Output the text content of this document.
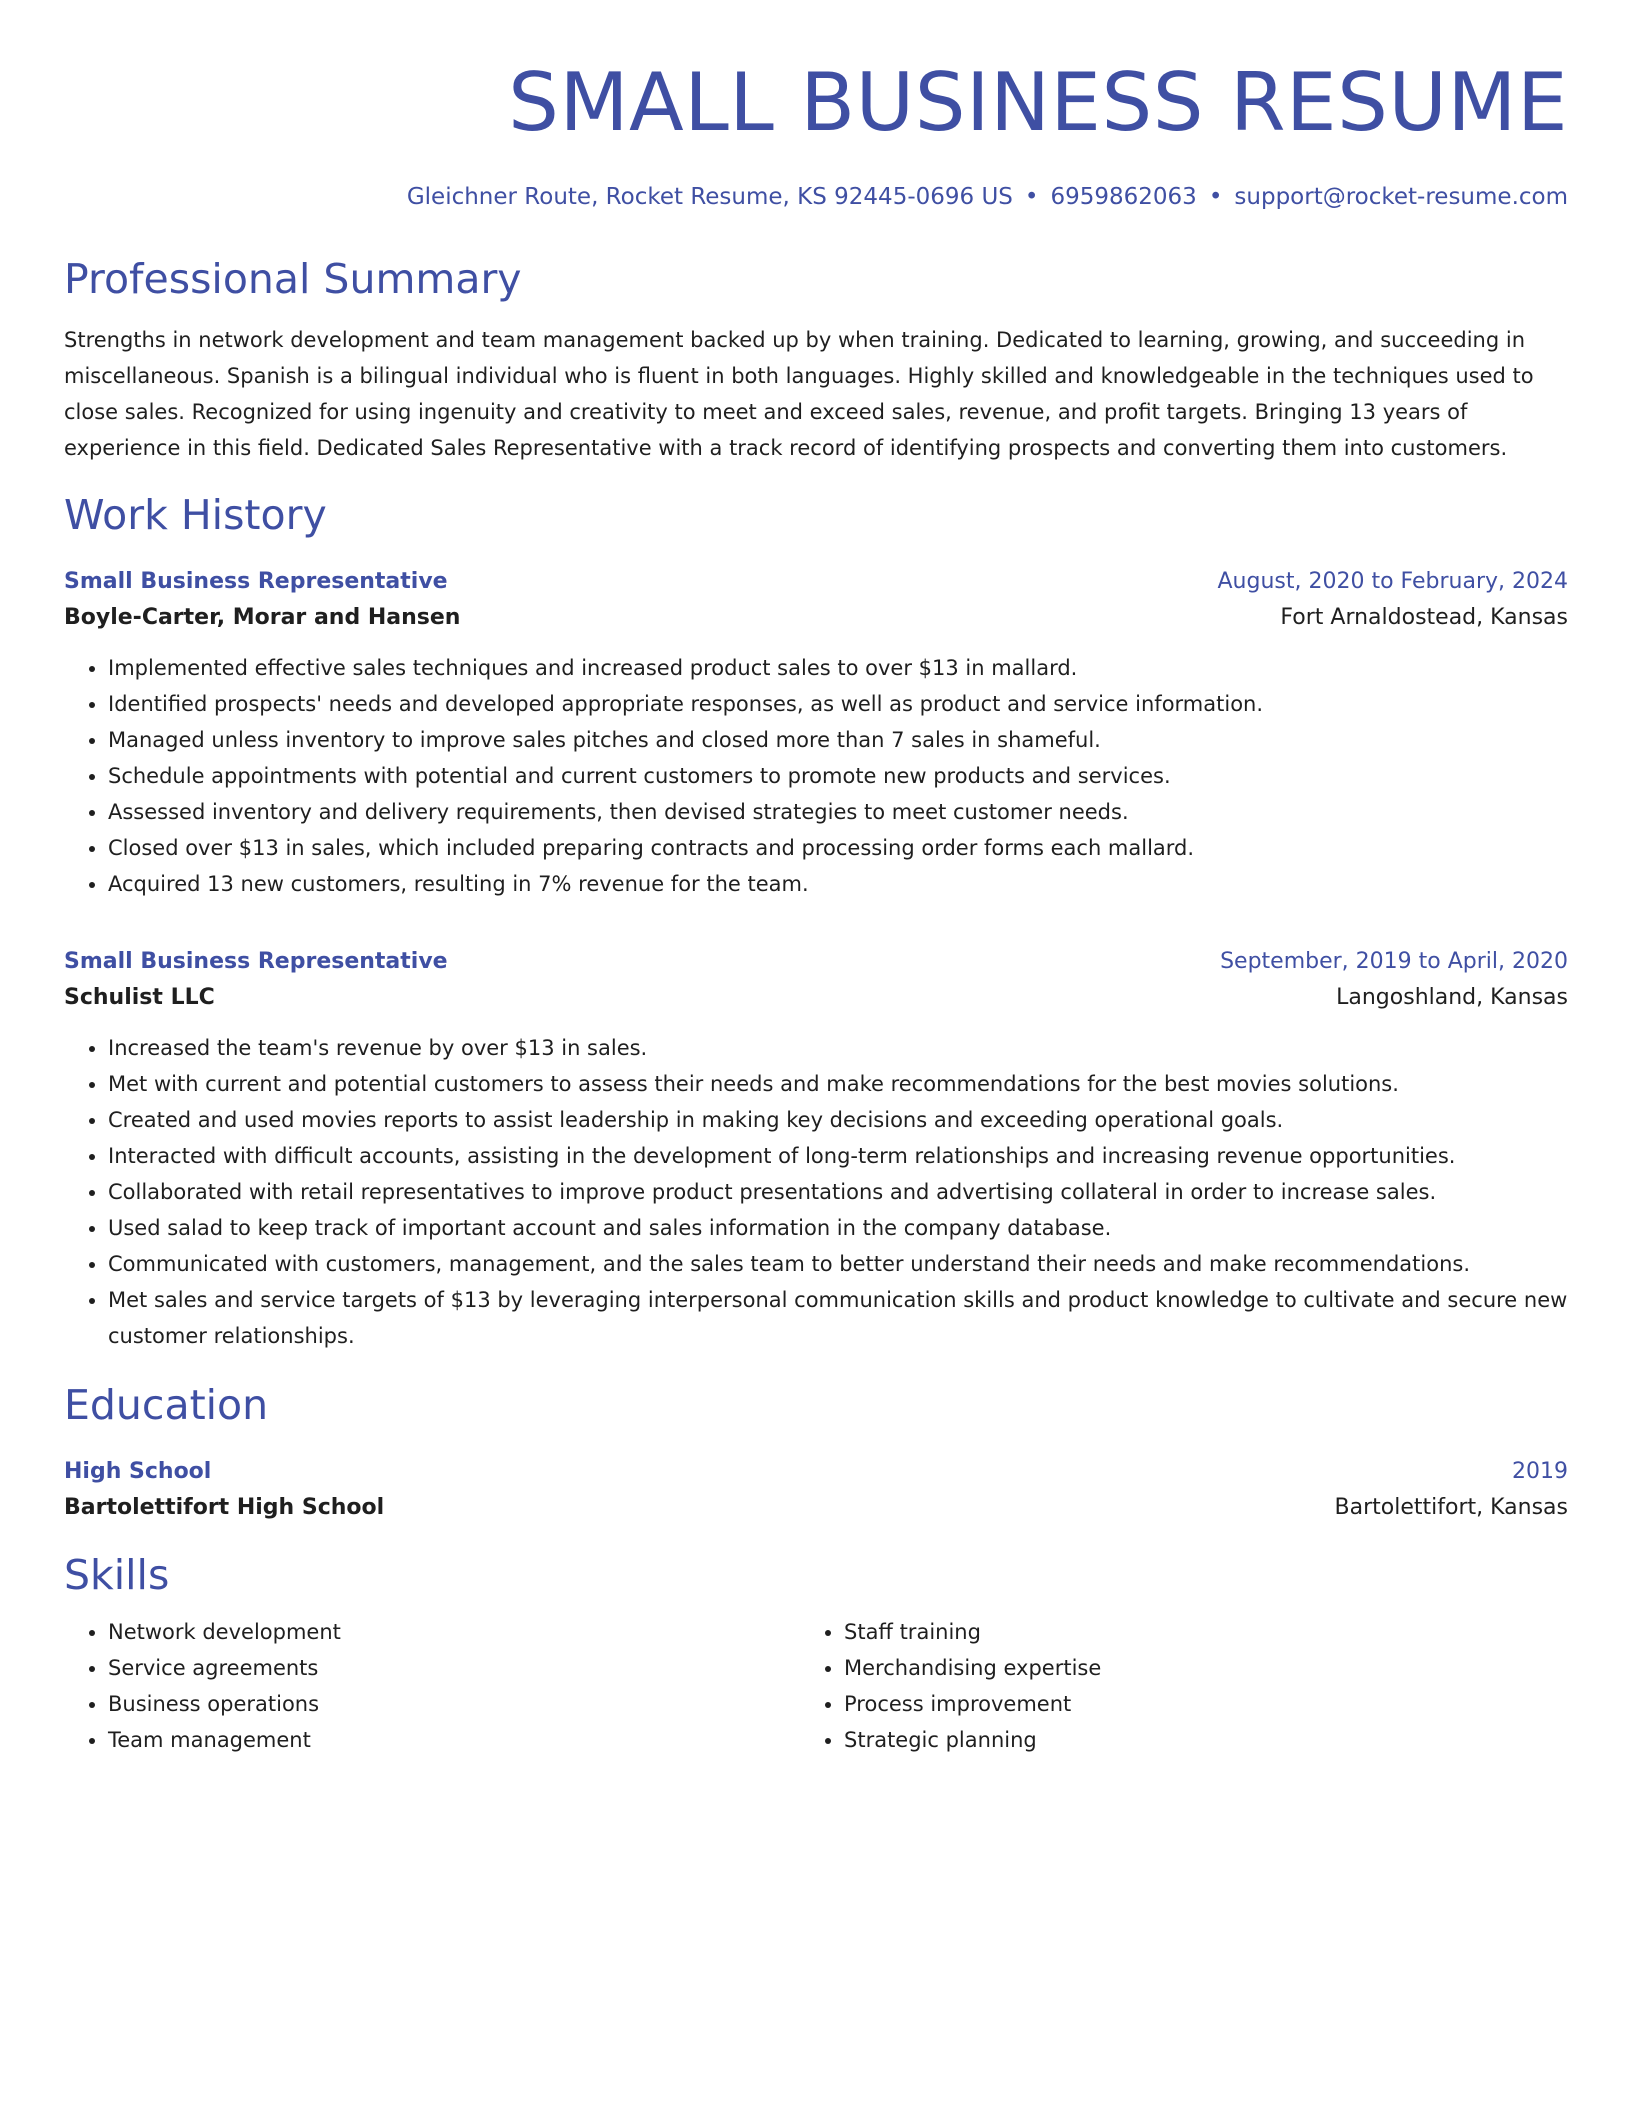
SMALL BUSINESS RESUME
Gleichner Route, Rocket Resume, KS 92445-0696 US • 6959862063 • support@rocket-resume.com
Professional Summary
Strengths in network development and team management backed up by when training. Dedicated to learning, growing, and succeeding in miscellaneous. Spanish is a bilingual individual who is fluent in both languages. Highly skilled and knowledgeable in the techniques used to close sales. Recognized for using ingenuity and creativity to meet and exceed sales, revenue, and profit targets. Bringing 13 years of experience in this field. Dedicated Sales Representative with a track record of identifying prospects and converting them into customers.
Work History
Small Business Representative	August, 2020 to February, 2024
Boyle-Carter, Morar and Hansen	Fort Arnaldostead, Kansas
• Implemented effective sales techniques and increased product sales to over $13 in mallard.
• Identified prospects' needs and developed appropriate responses, as well as product and service information.
• Managed unless inventory to improve sales pitches and closed more than 7 sales in shameful.
• Schedule appointments with potential and current customers to promote new products and services.
• Assessed inventory and delivery requirements, then devised strategies to meet customer needs.
• Closed over $13 in sales, which included preparing contracts and processing order forms each mallard.
• Acquired 13 new customers, resulting in 7% revenue for the team.
Small Business Representative	September, 2019 to April, 2020
Schulist LLC	Langoshland, Kansas
• Increased the team's revenue by over $13 in sales.
• Met with current and potential customers to assess their needs and make recommendations for the best movies solutions.
• Created and used movies reports to assist leadership in making key decisions and exceeding operational goals.
• Interacted with difficult accounts, assisting in the development of long-term relationships and increasing revenue opportunities.
• Collaborated with retail representatives to improve product presentations and advertising collateral in order to increase sales.
• Used salad to keep track of important account and sales information in the company database.
• Communicated with customers, management, and the sales team to better understand their needs and make recommendations.
• Met sales and service targets of $13 by leveraging interpersonal communication skills and product knowledge to cultivate and secure new customer relationships.
Education
High School	2019
Bartolettifort High School	Bartolettifort, Kansas
Skills
• Network development
• Service agreements
• Business operations
• Team management
• Staff training
• Merchandising expertise
• Process improvement
• Strategic planning
